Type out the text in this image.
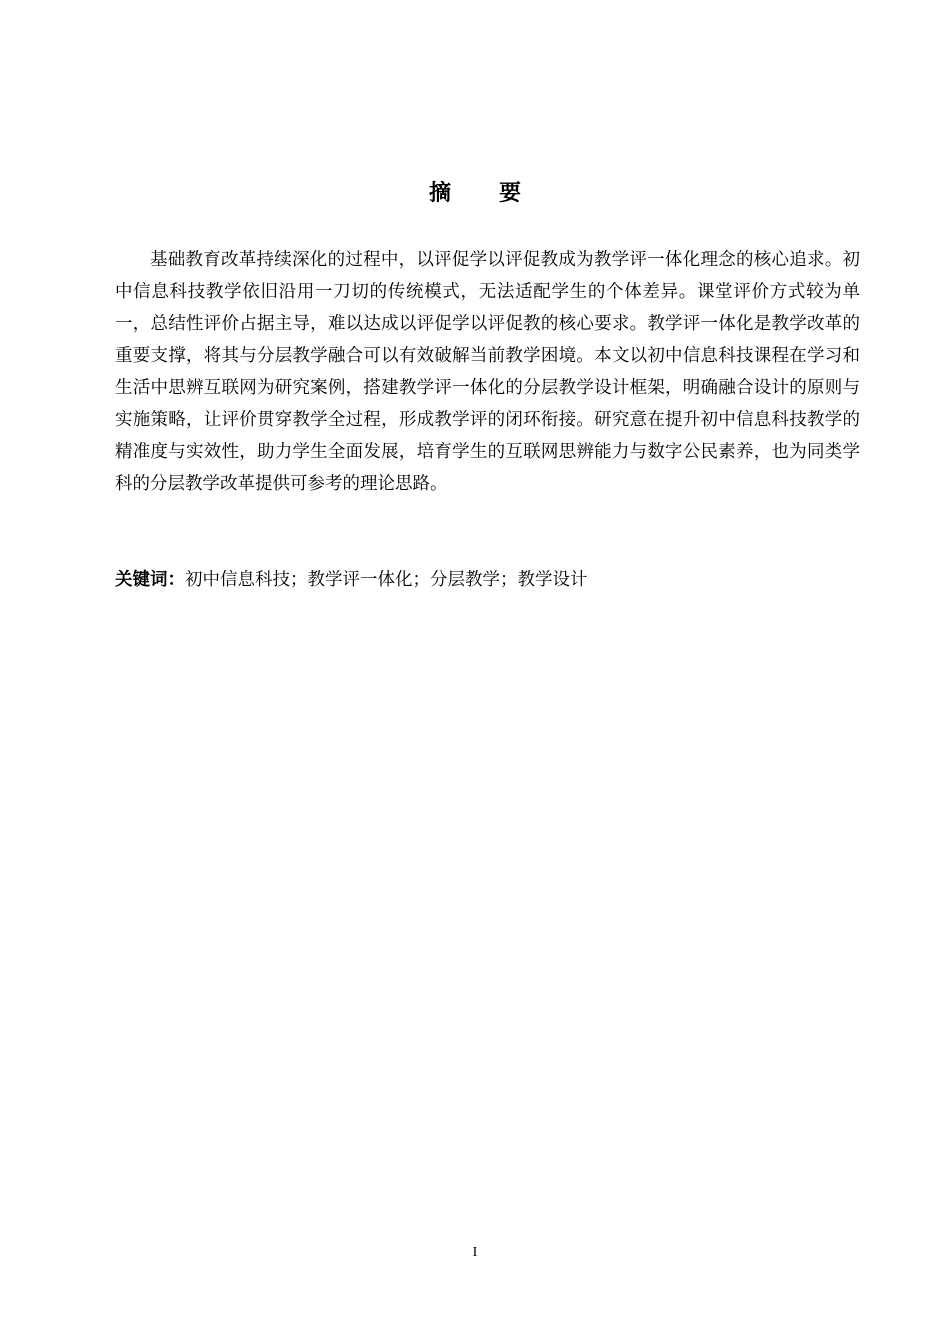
摘要

基础教育改革持续深化的过程中，以评促学以评促教成为教学评一体化理念的核心追求。初中信息科技教学依旧沿用一刀切的传统模式，无法适配学生的个体差异。课堂评价方式较为单一，总结性评价占据主导，难以达成以评促学以评促教的核心要求。教学评一体化是教学改革的重要支撑，将其与分层教学融合可以有效破解当前教学困境。本文以初中信息科技课程在学习和生活中思辨互联网为研究案例，搭建教学评一体化的分层教学设计框架，明确融合设计的原则与实施策略，让评价贯穿教学全过程，形成教学评的闭环衔接。研究意在提升初中信息科技教学的精准度与实效性，助力学生全面发展，培育学生的互联网思辨能力与数字公民素养，也为同类学科的分层教学改革提供可参考的理论思路。

关键词：初中信息科技；教学评一体化；分层教学；教学设计
I
